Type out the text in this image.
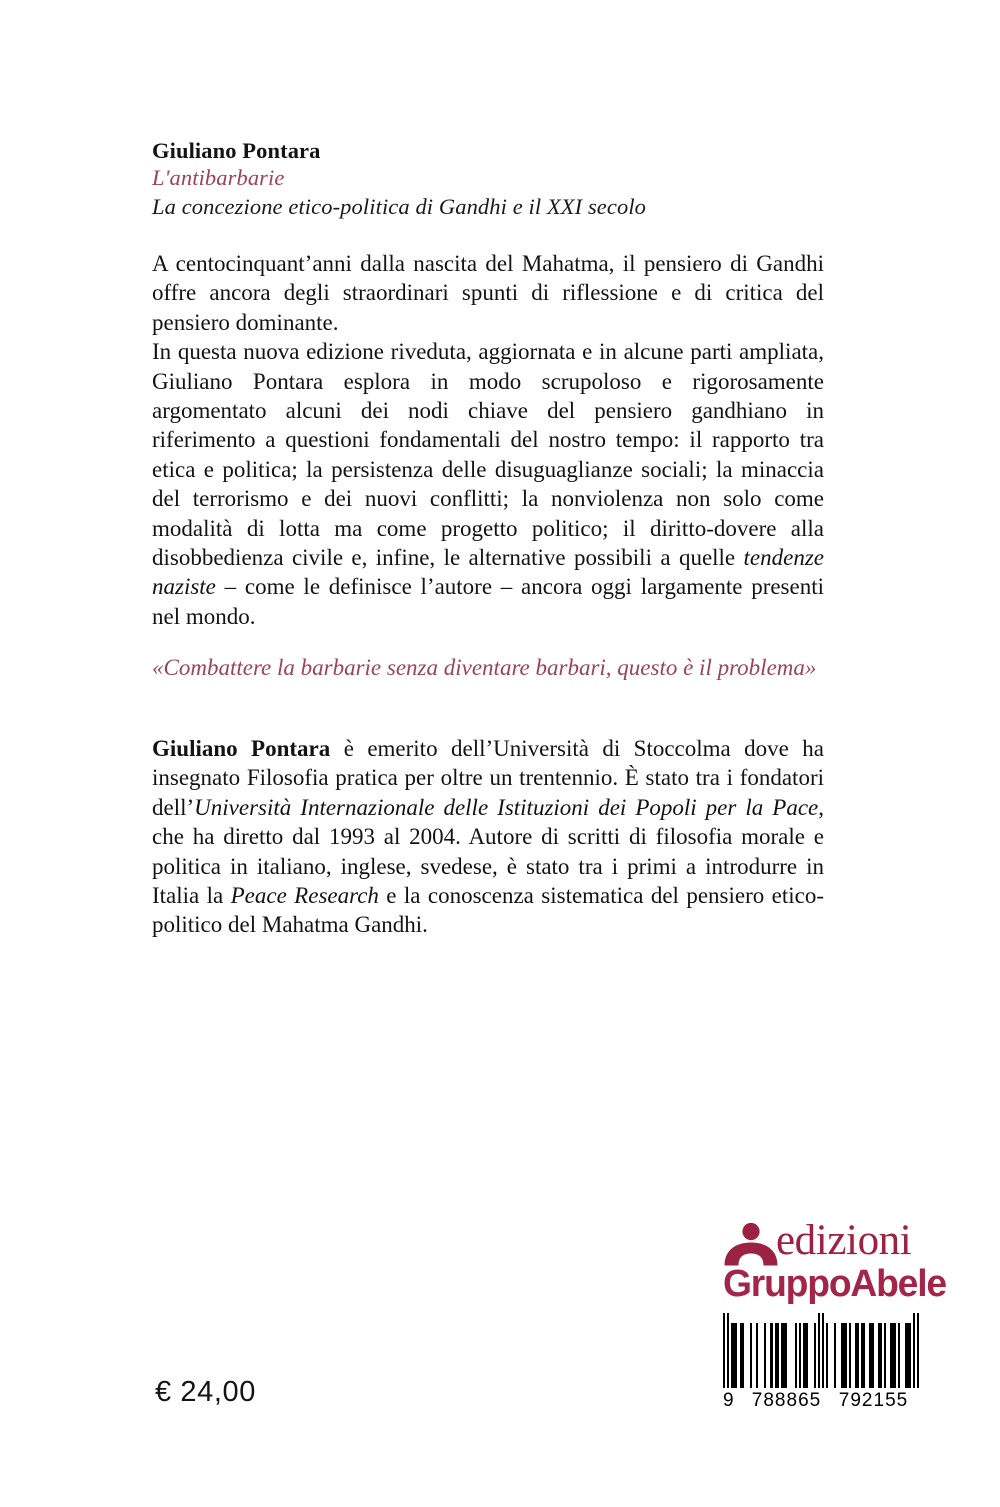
Giuliano Pontara
L'antibarbarie
La concezione etico-politica di Gandhi e il XXI secolo

A centocinquant’anni dalla nascita del Mahatma, il pensiero di Gandhi offre ancora degli straordinari spunti di riflessione e di critica del pensiero dominante.

In questa nuova edizione riveduta, aggiornata e in alcune parti ampliata, Giuliano Pontara esplora in modo scrupoloso e rigorosamente argomentato alcuni dei nodi chiave del pensiero gandhiano in riferimento a questioni fondamentali del nostro tempo: il rapporto tra etica e politica; la persistenza delle disuguaglianze sociali; la minaccia del terrorismo e dei nuovi conflitti; la nonviolenza non solo come modalità di lotta ma come progetto politico; il diritto-dovere alla disobbedienza civile e, infine, le alternative possibili a quelle tendenze naziste – come le definisce l’autore – ancora oggi largamente presenti nel mondo.

«Combattere la barbarie senza diventare barbari, questo è il problema»
Giuliano Pontara è emerito dell’Università di Stoccolma dove ha insegnato Filosofia pratica per oltre un trentennio. È stato tra i fondatori dell’Università Internazionale delle Istituzioni dei Popoli per la Pace, che ha diretto dal 1993 al 2004. Autore di scritti di filosofia morale e politica in italiano, inglese, svedese, è stato tra i primi a introdurre in Italia la Peace Research e la conoscenza sistematica del pensiero etico-politico del Mahatma Gandhi.
€ 24,00
edizioni
GruppoAbele
9 788865 792155
